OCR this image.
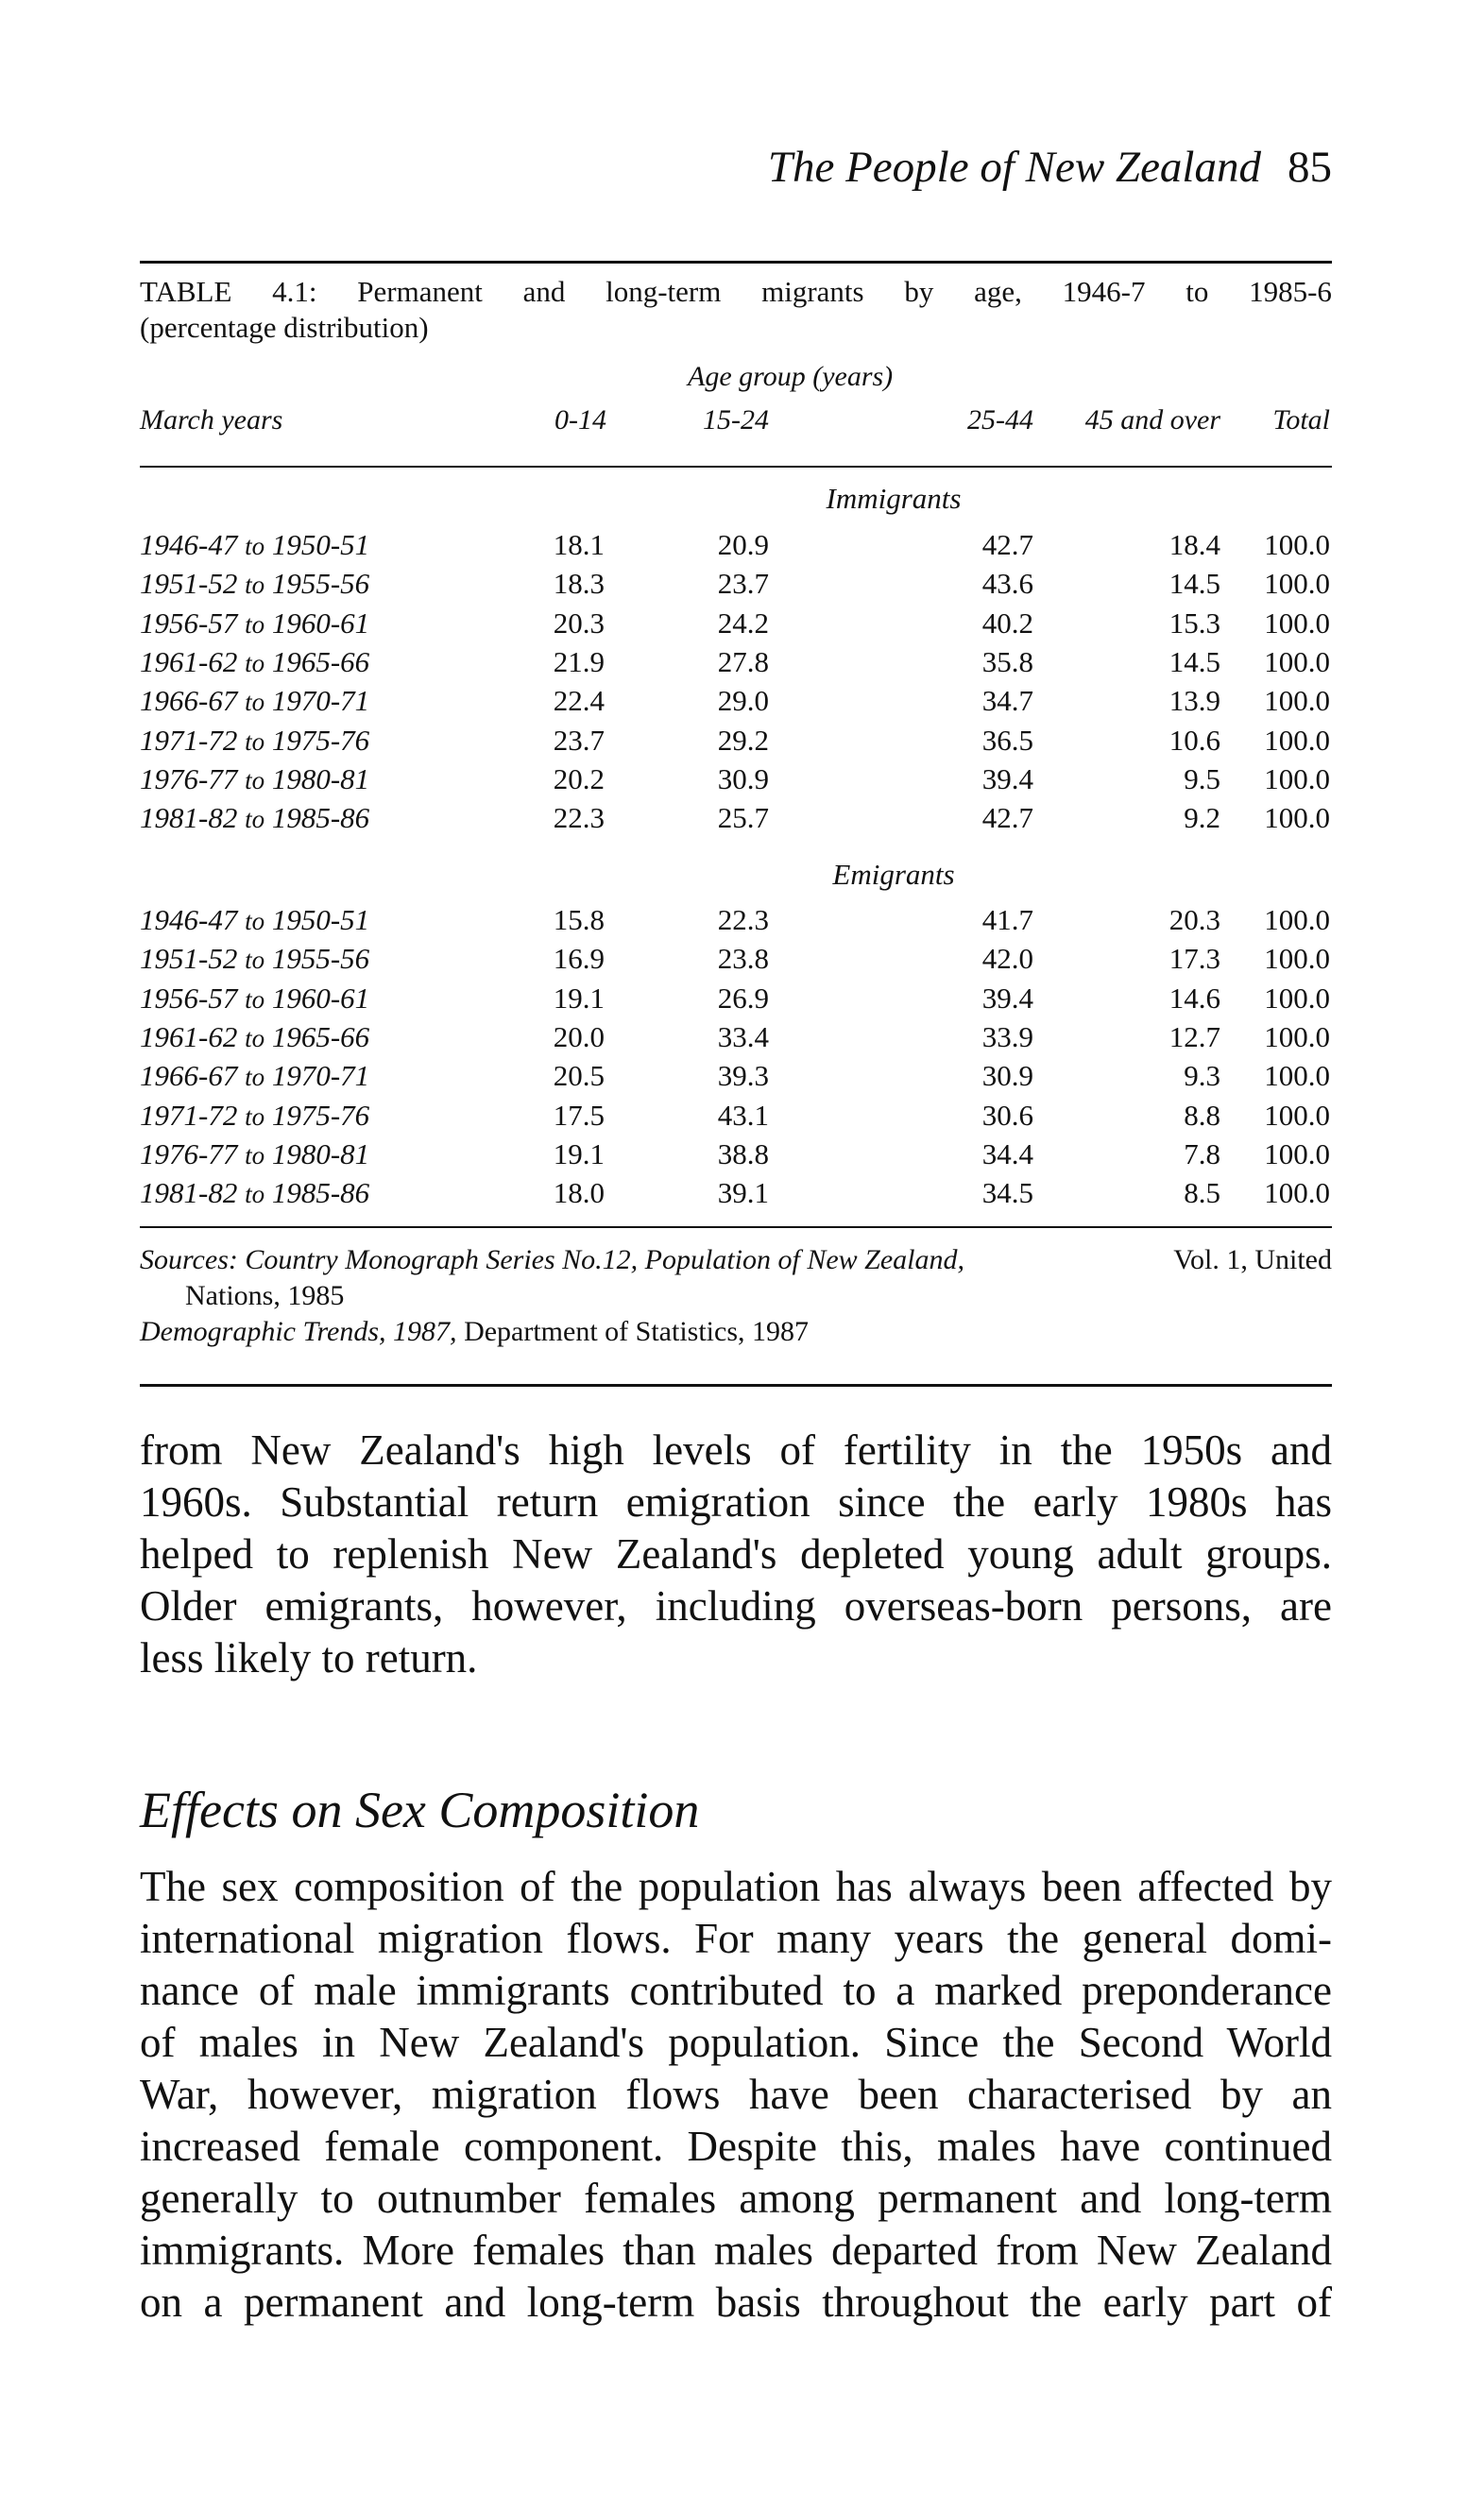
The People of New Zealand 85
TABLE 4.1: Permanent and long-term migrants by age, 1946-7 to 1985-6
(percentage distribution)
Age group (years)
March years	0-14	15-24	25-44	45 and over	Total
Immigrants
1946-47 to 1950-51	18.1	20.9	42.7	18.4	100.0
1951-52 to 1955-56	18.3	23.7	43.6	14.5	100.0
1956-57 to 1960-61	20.3	24.2	40.2	15.3	100.0
1961-62 to 1965-66	21.9	27.8	35.8	14.5	100.0
1966-67 to 1970-71	22.4	29.0	34.7	13.9	100.0
1971-72 to 1975-76	23.7	29.2	36.5	10.6	100.0
1976-77 to 1980-81	20.2	30.9	39.4	9.5	100.0
1981-82 to 1985-86	22.3	25.7	42.7	9.2	100.0
Emigrants
1946-47 to 1950-51	15.8	22.3	41.7	20.3	100.0
1951-52 to 1955-56	16.9	23.8	42.0	17.3	100.0
1956-57 to 1960-61	19.1	26.9	39.4	14.6	100.0
1961-62 to 1965-66	20.0	33.4	33.9	12.7	100.0
1966-67 to 1970-71	20.5	39.3	30.9	9.3	100.0
1971-72 to 1975-76	17.5	43.1	30.6	8.8	100.0
1976-77 to 1980-81	19.1	38.8	34.4	7.8	100.0
1981-82 to 1985-86	18.0	39.1	34.5	8.5	100.0
Sources: Country Monograph Series No.12, Population of New Zealand,	Vol. 1, United
Nations, 1985
Demographic Trends, 1987, Department of Statistics, 1987
from New Zealand's high levels of fertility in the 1950s and
1960s. Substantial return emigration since the early 1980s has
helped to replenish New Zealand's depleted young adult groups.
Older emigrants, however, including overseas-born persons, are
less likely to return.
Effects on Sex Composition
The sex composition of the population has always been affected by
international migration flows. For many years the general domi-
nance of male immigrants contributed to a marked preponderance
of males in New Zealand's population. Since the Second World
War, however, migration flows have been characterised by an
increased female component. Despite this, males have continued
generally to outnumber females among permanent and long-term
immigrants. More females than males departed from New Zealand
on a permanent and long-term basis throughout the early part of
